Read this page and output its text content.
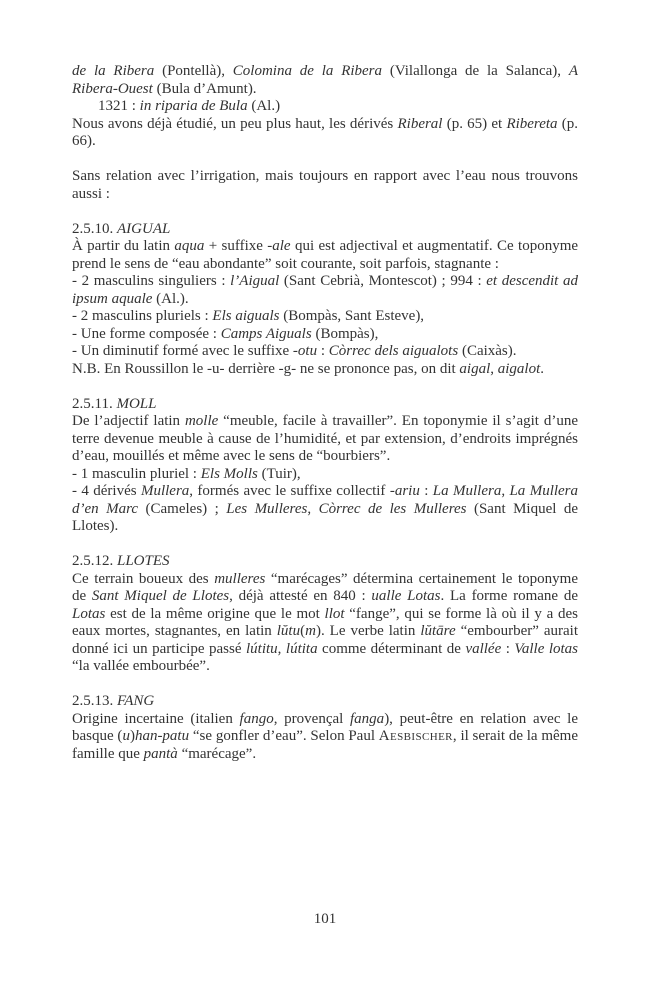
de la Ribera (Pontellà), Colomina de la Ribera (Vilallonga de la Salanca), A Ribera-Ouest (Bula d’Amunt).

1321 : in riparia de Bula (Al.)

Nous avons déjà étudié, un peu plus haut, les dérivés Riberal (p. 65) et Ribereta (p. 66).

Sans relation avec l’irrigation, mais toujours en rapport avec l’eau nous trouvons aussi :

2.5.10. AIGUAL

À partir du latin aqua + suffixe -ale qui est adjectival et augmentatif. Ce toponyme prend le sens de “eau abondante” soit courante, soit parfois, stagnante :

- 2 masculins singuliers : l’Aigual (Sant Cebrià, Montescot) ; 994 : et descendit ad ipsum aquale (Al.).

- 2 masculins pluriels : Els aiguals (Bompàs, Sant Esteve),

- Une forme composée : Camps Aiguals (Bompàs),

- Un diminutif formé avec le suffixe -otu : Còrrec dels aigualots (Caixàs).

N.B. En Roussillon le -u- derrière -g- ne se prononce pas, on dit aigal, aigalot.

2.5.11. MOLL

De l’adjectif latin molle “meuble, facile à travailler”. En toponymie il s’agit d’une terre devenue meuble à cause de l’humidité, et par extension, d’endroits imprégnés d’eau, mouillés et même avec le sens de “bourbiers”.

- 1 masculin pluriel : Els Molls (Tuir),

- 4 dérivés Mullera, formés avec le suffixe collectif -ariu : La Mullera, La Mullera d’en Marc (Cameles) ; Les Mulleres, Còrrec de les Mulleres (Sant Miquel de Llotes).

2.5.12. LLOTES

Ce terrain boueux des mulleres “marécages” détermina certainement le toponyme de Sant Miquel de Llotes, déjà attesté en 840 : ualle Lotas. La forme romane de Lotas est de la même origine que le mot llot “fange”, qui se forme là où il y a des eaux mortes, stagnantes, en latin lŭtu(m). Le verbe latin lŭtāre “embourber” aurait donné ici un participe passé lútitu, lútita comme déterminant de vallée : Valle lotas “la vallée embourbée”.

2.5.13. FANG

Origine incertaine (italien fango, provençal fanga), peut-être en relation avec le basque (u)han-patu “se gonfler d’eau”. Selon Paul Aesbischer, il serait de la même famille que pantà “marécage”.

101
